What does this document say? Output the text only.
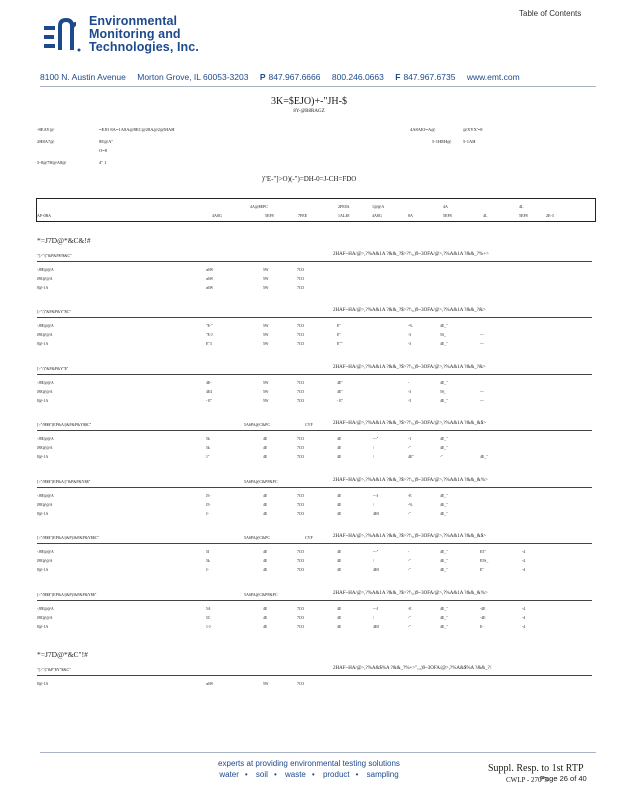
Environmental
Monitoring and
Technologies, Inc.
Table of Contents
8100 N. Austin Avenue Morton Grove, IL 60053-3203 P 847.967.6666 800.246.0663 F 847.967.6735 www.emt.com
3K=$EJO)+-"JH-$
8Y-@R8RAGZ
-8EAY@	=EJO 8A=1A8A@8EC@28A@2@MAH
2H8A7@	8E@A"
O=8
5-8@7H@A8@	4" 1
4A8AEJ=A@	@XYX'=8
5-1HEH@	5-1AH
)"E-"]>O)(-")=DH-0=J-CH=FDO
experts at providing environmental testing solutions
water • soil • waste • product • sampling
Suppl. Resp. to 1st RTP
CWLP - 270"5
Page 26 of 40
4A@$EPC	2FE8A	1@@A	4A	4L
AF-0BA	4A8G	5EF8	7FEE	1AL48	4A8G	8A	5EF8	4L	5EF8	2E-3
*=J7D@*&C&!#
"[>"/)"&P&P$?$&C"	2HAF~HA/@>,?%A&1A ?&&_?$>?!\,,)9~3OFA/@>,?%A&1A ?&&_?%+>
-J8E@@A	a6W	5W	7CO
J8E@@A	a6W	5W	7CO
8@-1A	a6W	5W	7CO
[>"/)"&P&P&Y"$C"	2HAF~HA/@>,?%A&1A ?&&_?$>?!\,,)9~3OFA/@>,?%A&1A ?&&_?&>
-J8E@@A	"E-"	5W	7CO	E"	-%	4E_"
J8E@@A	"E-J	5W	7CO	E"	-3	5S_	---
8@-1A	E"3	5W	7CO	E""	-3	4E_"	---
[>"/)"&P&P&Y"$"	2HAF~HA/@>,?%A&1A ?&&_?$>?!\,,)9~3OFA/@>,?%A&1A ?&&_?&>
-J8E@@A	4E-	5W	7CO	4E"	-	4E_"
J8E@@A	4E4	5W	7CO	4E"	-3	5S_	---
8@-1A	- E"	5W	7CO	- E"	-3	4E_"	---
[>"/H$$")EP&A\)&P&P&Y$$C"	5A6PA@C&PC	CVF	2HAF~HA/@>,?%A&1A ?&&_?$>?!\,,)9~3OFA/@>,?%A&1A ?&&_&$>
-J8E@@A	5k	4E	7CO	4E	---"	-1	4E_"
J8E@@A	5k	4E	7CO	4E	\	-"	4E_"
8@-1A	1"	4E	7CO	4E	\	4E"	-"	4E_"
[>"/H$$")EP&A\)"&P&P&Y$$"	5A6PA@C&PP&PC	2HAF~HA/@>,?%A&1A ?&&_?$>?!\,,)9~3OFA/@>,?%A&1A ?&&_&%>
-J8E@@A	J5-	4E	7CO	4E	---J	-E	4E_"
J8E@@A	J5-	4E	7CO	4E	\	-%	4E_"
8@-1A	J-	4E	7CO	4E	4E0	-"	4E_"
[>"/H$$")EP&A\)&P)\&P&P&Y$$C"	5A6PA@C&PC	CVF	2HAF~HA/@>,?%A&1A ?&&_?$>?!\,,)9~3OFA/@>,?%A&1A ?&&_&$>
-J8E@@A	5J	4E	7CO	4E	---"	-	4E_"	E5"	-4
J8E@@A	5k	4E	7CO	4E	\	-"	4E_"	E5S_	-4
8@-1A	J-	4E	7CO	4E	4E0	-"	4E_"	E"	-4
[>"/H$$")EP&A\)&P)\&P&P&Y$$"	5A6PA@C&PP&PC	2HAF~HA/@>,?%A&1A ?&&_?$>?!\,,)9~3OFA/@>,?%A&1A ?&&_&%>
-J8E@@A	5A	4E	7CO	4E	---J	-E	4E_"	-4E	-4
J8E@@A	5C	4E	7CO	4E	\	-"	4E_"	-4E	-4
8@-1A	1-J	4E	7CO	4E	4E0	-"	4E_"	E-	-4
*=J7D@*&C"!#
"[>"/)"&P"$Y"$&C"	2HAF~HA/@>,?%A&$%A ?&&_?%+>",,,)9~3OFA/@>,?%A&$%A ?&&_?\
8@-1A	a6W	5W	7CO
